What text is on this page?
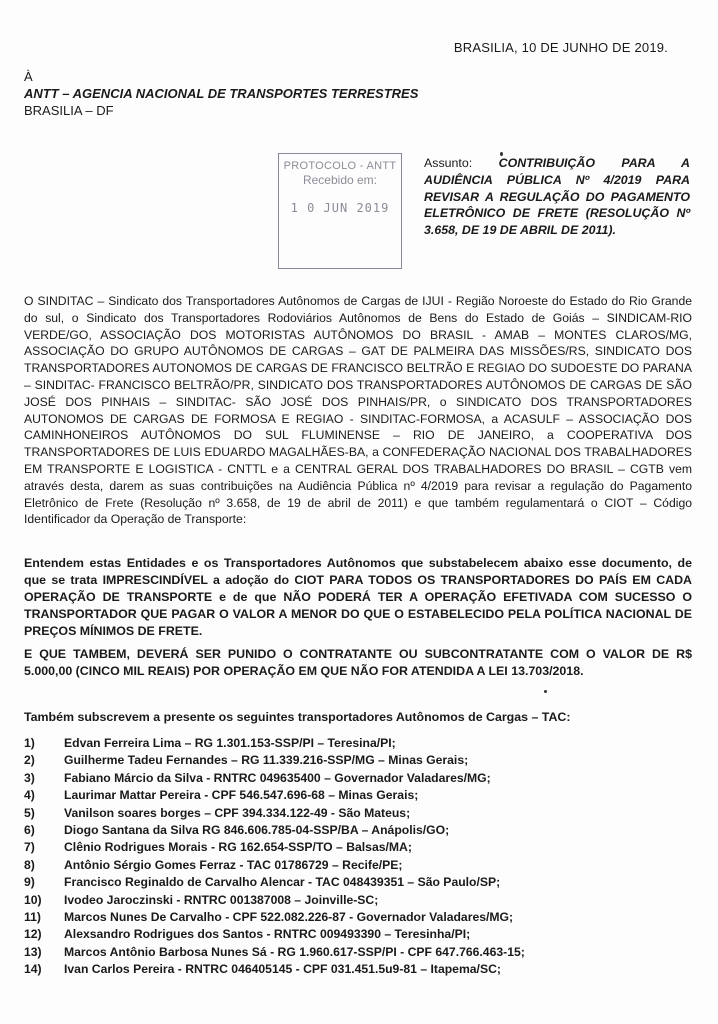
BRASILIA, 10 DE JUNHO DE 2019.
À
ANTT – AGENCIA NACIONAL DE TRANSPORTES TERRESTRES
BRASILIA – DF
PROTOCOLO - ANTT
Recebido em:
1 0 JUN 2019
Assunto: CONTRIBUIÇÃO PARA A AUDIÊNCIA PÚBLICA Nº 4/2019 PARA REVISAR A REGULAÇÃO DO PAGAMENTO ELETRÔNICO DE FRETE (RESOLUÇÃO Nº 3.658, DE 19 DE ABRIL DE 2011).
O SINDITAC – Sindicato dos Transportadores Autônomos de Cargas de IJUI - Região Noroeste do Estado do Rio Grande do sul, o Sindicato dos Transportadores Rodoviários Autônomos de Bens do Estado de Goiás – SINDICAM-RIO VERDE/GO, ASSOCIAÇÃO DOS MOTORISTAS AUTÔNOMOS DO BRASIL - AMAB – MONTES CLAROS/MG, ASSOCIAÇÃO DO GRUPO AUTÔNOMOS DE CARGAS – GAT DE PALMEIRA DAS MISSÕES/RS, SINDICATO DOS TRANSPORTADORES AUTONOMOS DE CARGAS DE FRANCISCO BELTRÃO E REGIAO DO SUDOESTE DO PARANA – SINDITAC- FRANCISCO BELTRÃO/PR, SINDICATO DOS TRANSPORTADORES AUTÔNOMOS DE CARGAS DE SÃO JOSÉ DOS PINHAIS – SINDITAC- SÃO JOSÉ DOS PINHAIS/PR, o SINDICATO DOS TRANSPORTADORES AUTONOMOS DE CARGAS DE FORMOSA E REGIAO - SINDITAC-FORMOSA, a ACASULF – ASSOCIAÇÃO DOS CAMINHONEIROS AUTÔNOMOS DO SUL FLUMINENSE – RIO DE JANEIRO, a COOPERATIVA DOS TRANSPORTADORES DE LUIS EDUARDO MAGALHÃES-BA, a CONFEDERAÇÃO NACIONAL DOS TRABALHADORES EM TRANSPORTE E LOGISTICA - CNTTL e a CENTRAL GERAL DOS TRABALHADORES DO BRASIL – CGTB vem através desta, darem as suas contribuições na Audiência Pública nº 4/2019 para revisar a regulação do Pagamento Eletrônico de Frete (Resolução nº 3.658, de 19 de abril de 2011) e que também regulamentará o CIOT – Código Identificador da Operação de Transporte:
Entendem estas Entidades e os Transportadores Autônomos que substabelecem abaixo esse documento, de que se trata IMPRESCINDÍVEL a adoção do CIOT PARA TODOS OS TRANSPORTADORES DO PAÍS EM CADA OPERAÇÃO DE TRANSPORTE e de que NÃO PODERÁ TER A OPERAÇÃO EFETIVADA COM SUCESSO O TRANSPORTADOR QUE PAGAR O VALOR A MENOR DO QUE O ESTABELECIDO PELA POLÍTICA NACIONAL DE PREÇOS MÍNIMOS DE FRETE.
E QUE TAMBEM, DEVERÁ SER PUNIDO O CONTRATANTE OU SUBCONTRATANTE COM O VALOR DE R$ 5.000,00 (CINCO MIL REAIS) POR OPERAÇÃO EM QUE NÃO FOR ATENDIDA A LEI 13.703/2018.
Também subscrevem a presente os seguintes transportadores Autônomos de Cargas – TAC:
1)	Edvan Ferreira Lima – RG 1.301.153-SSP/PI – Teresina/PI;
2)	Guilherme Tadeu Fernandes – RG 11.339.216-SSP/MG – Minas Gerais;
3)	Fabiano Márcio da Silva - RNTRC 049635400 – Governador Valadares/MG;
4)	Laurimar Mattar Pereira - CPF 546.547.696-68 – Minas Gerais;
5)	Vanilson soares borges – CPF 394.334.122-49 - São Mateus;
6)	Diogo Santana da Silva RG 846.606.785-04-SSP/BA – Anápolis/GO;
7)	Clênio Rodrigues Morais - RG 162.654-SSP/TO – Balsas/MA;
8)	Antônio Sérgio Gomes Ferraz - TAC 01786729 – Recife/PE;
9)	Francisco Reginaldo de Carvalho Alencar - TAC 048439351 – São Paulo/SP;
10)	Ivodeo Jaroczinski - RNTRC 001387008 – Joinville-SC;
11)	Marcos Nunes De Carvalho - CPF 522.082.226-87 - Governador Valadares/MG;
12)	Alexsandro Rodrigues dos Santos - RNTRC 009493390 – Teresinha/PI;
13)	Marcos Antônio Barbosa Nunes Sá - RG 1.960.617-SSP/PI - CPF 647.766.463-15;
14)	Ivan Carlos Pereira - RNTRC 046405145 - CPF 031.451.5u9-81 – Itapema/SC;
